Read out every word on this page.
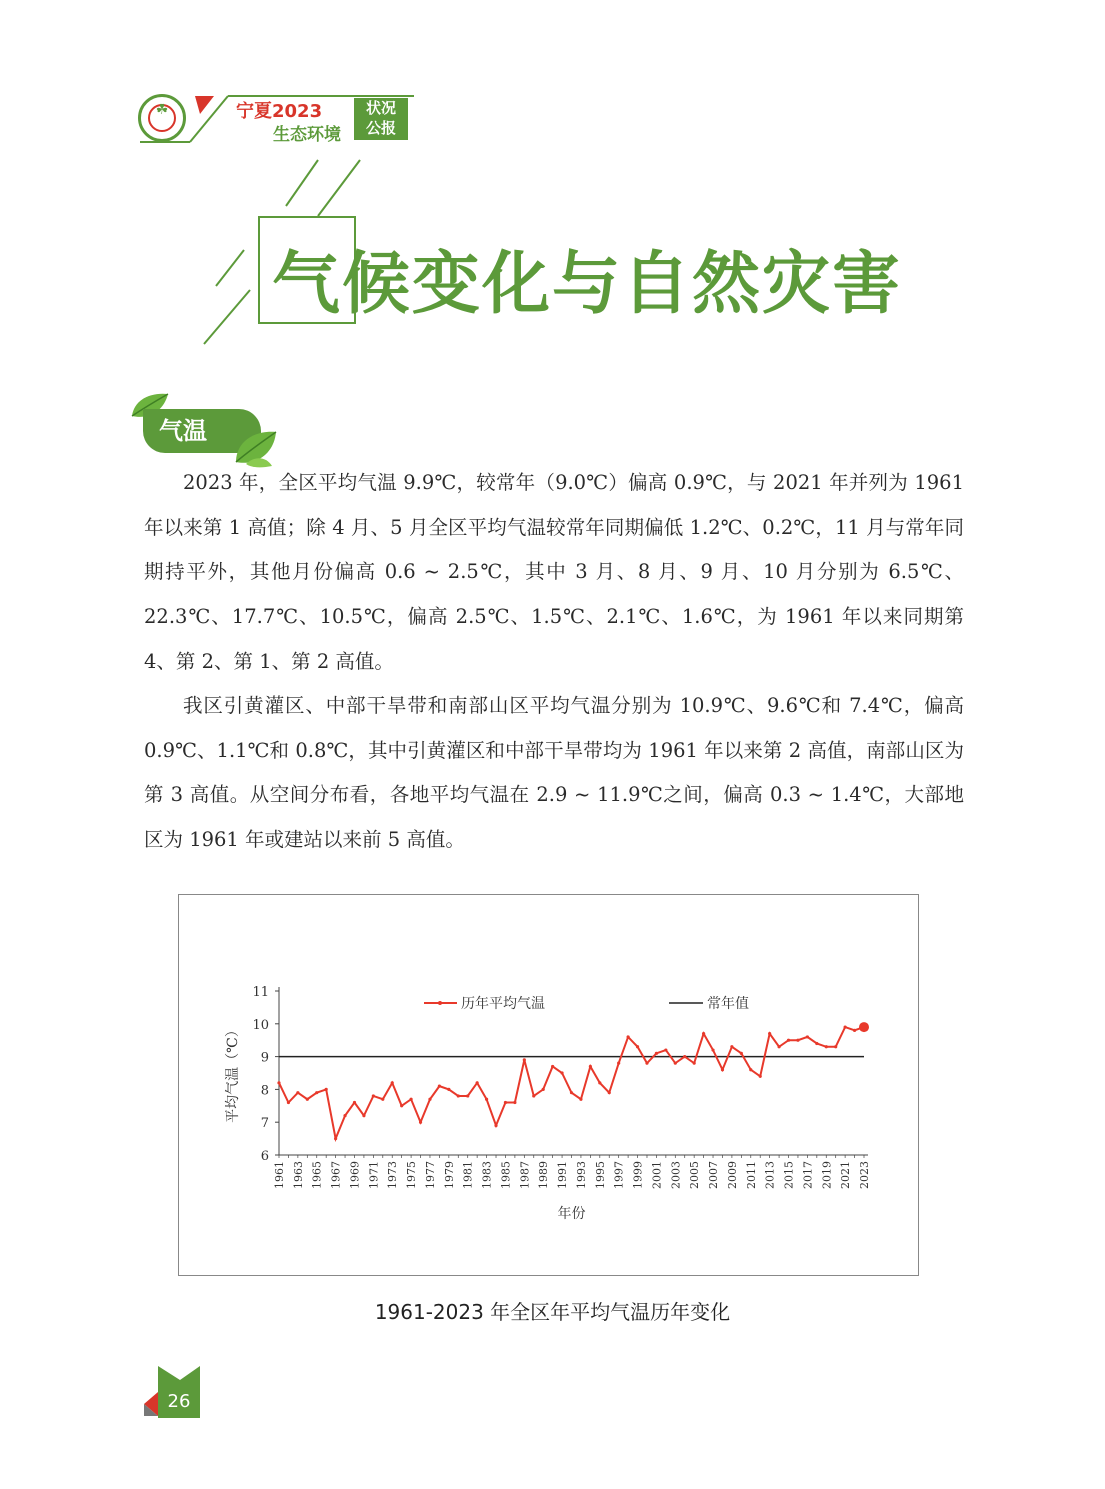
☘	宁夏2023
生态环境
状况
公报
气候变化与自然灾害
气温
2023 年，全区平均气温 9.9℃，较常年（9.0℃）偏高 0.9℃，与 2021 年并列为 1961 年以来第 1 高值；除 4 月、5 月全区平均气温较常年同期偏低 1.2℃、0.2℃，11 月与常年同期持平外，其他月份偏高 0.6 ~ 2.5℃，其中 3 月、8 月、9 月、10 月分别为 6.5℃、22.3℃、17.7℃、10.5℃，偏高 2.5℃、1.5℃、2.1℃、1.6℃，为 1961 年以来同期第 4、第 2、第 1、第 2 高值。
我区引黄灌区、中部干旱带和南部山区平均气温分别为 10.9℃、9.6℃和 7.4℃，偏高 0.9℃、1.1℃和 0.8℃，其中引黄灌区和中部干旱带均为 1961 年以来第 2 高值，南部山区为第 3 高值。从空间分布看，各地平均气温在 2.9 ~ 11.9℃之间，偏高 0.3 ~ 1.4℃，大部地区为 1961 年或建站以来前 5 高值。
6
7
8
9
10
11
1961 1963 1965 1967 1969 1971 1973 1975 1977 1979 1981 1983 1985 1987 1989 1991 1993 1995 1997 1999 2001 2003 2005 2007 2009 2011 2013 2015 2017 2019 2021 2023
年份
平均气温（℃）
历年平均气温	常年值
1961-2023 年全区年平均气温历年变化
26
